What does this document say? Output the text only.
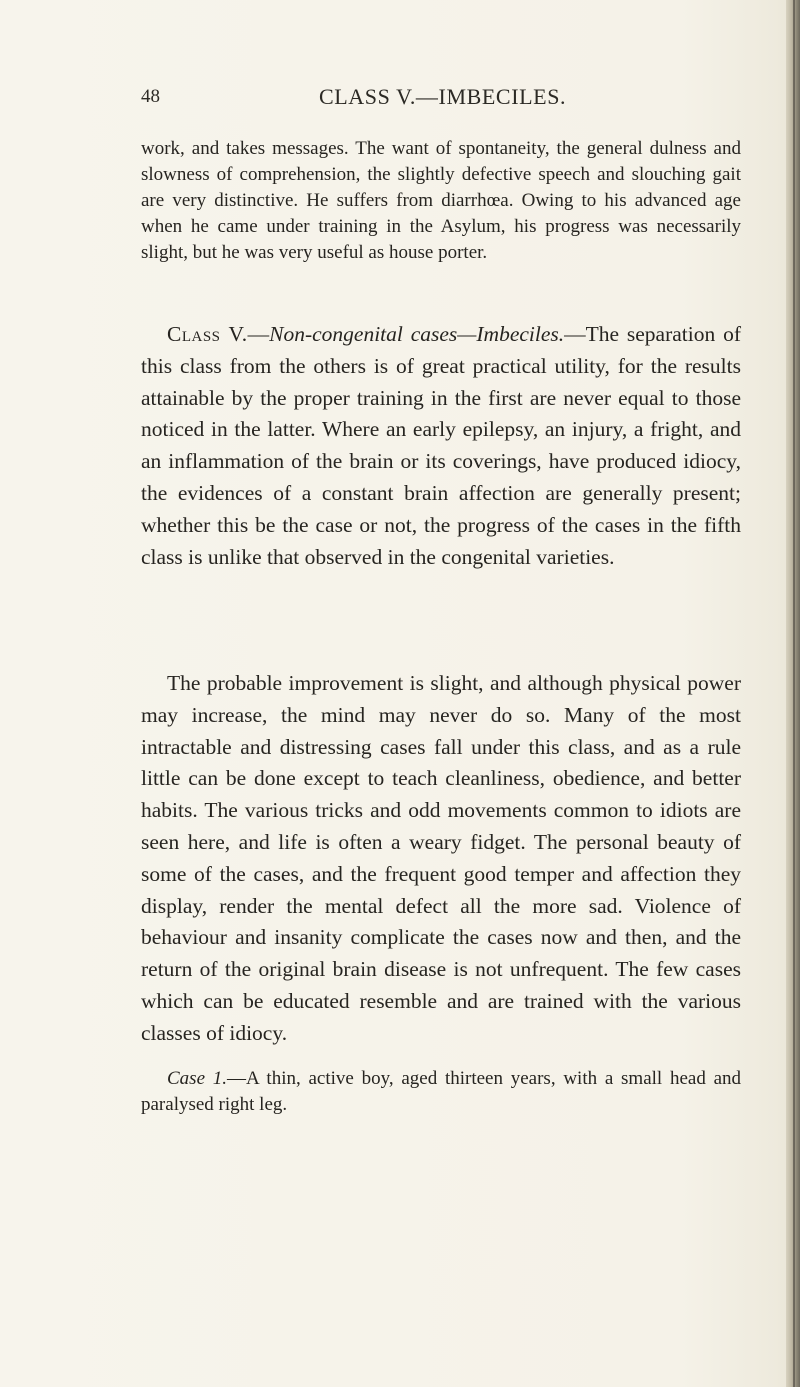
48	CLASS V.—IMBECILES.

work, and takes messages. The want of spontaneity, the general dulness and slowness of comprehension, the slightly defective speech and slouching gait are very distinctive. He suffers from diarrhœa. Owing to his advanced age when he came under training in the Asylum, his progress was necessarily slight, but he was very useful as house porter.

Class V.—Non-congenital cases—Imbeciles.—The separation of this class from the others is of great practical utility, for the results attainable by the proper training in the first are never equal to those noticed in the latter. Where an early epilepsy, an injury, a fright, and an inflammation of the brain or its coverings, have produced idiocy, the evidences of a constant brain affection are generally present; whether this be the case or not, the progress of the cases in the fifth class is unlike that observed in the congenital varieties.

The probable improvement is slight, and although physical power may increase, the mind may never do so. Many of the most intractable and distressing cases fall under this class, and as a rule little can be done except to teach cleanliness, obedience, and better habits. The various tricks and odd movements common to idiots are seen here, and life is often a weary fidget. The personal beauty of some of the cases, and the frequent good temper and affection they display, render the mental defect all the more sad. Violence of behaviour and insanity complicate the cases now and then, and the return of the original brain disease is not unfrequent. The few cases which can be educated resemble and are trained with the various classes of idiocy.

Case 1.—A thin, active boy, aged thirteen years, with a small head and paralysed right leg.
